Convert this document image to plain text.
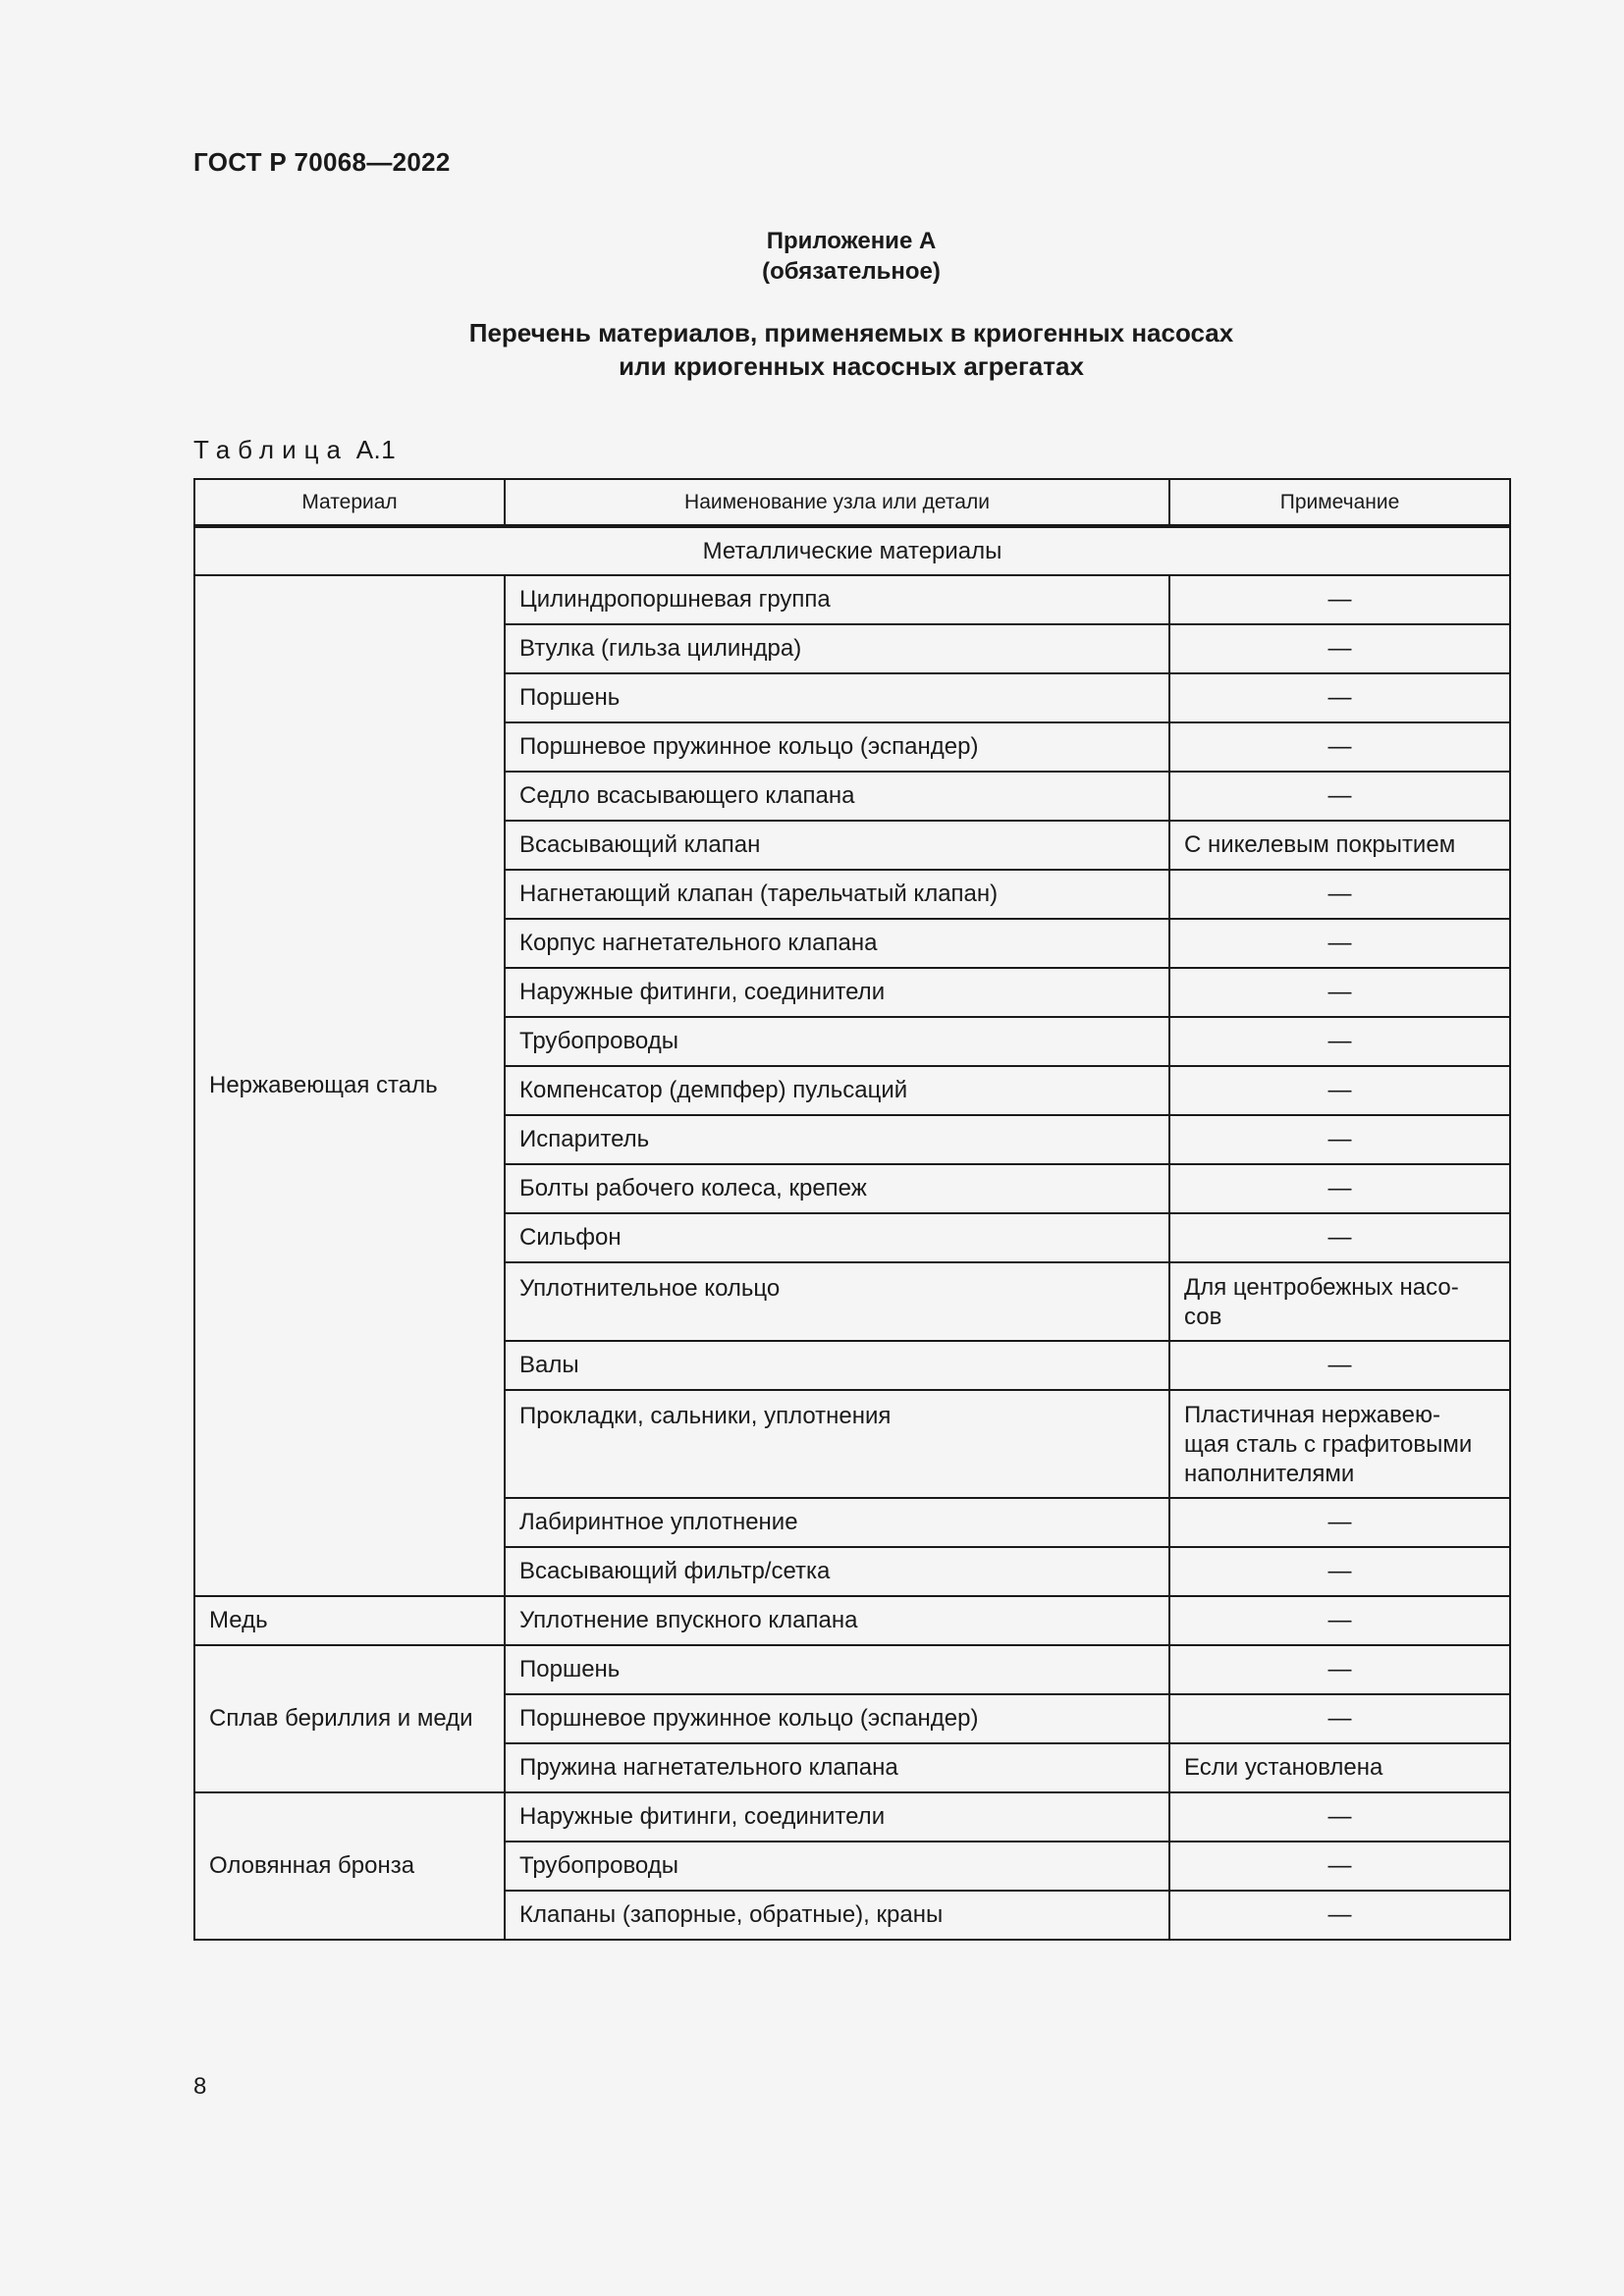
ГОСТ Р 70068—2022
Приложение А
(обязательное)
Перечень материалов, применяемых в криогенных насосах
или криогенных насосных агрегатах
Таблица А.1
Материал	Наименование узла или детали	Примечание
Металлические материалы		
Нержавеющая сталь	Цилиндропоршневая группа	—
	Втулка (гильза цилиндра)	—
	Поршень	—
	Поршневое пружинное кольцо (эспандер)	—
	Седло всасывающего клапана	—
	Всасывающий клапан	С никелевым покрытием
	Нагнетающий клапан (тарельчатый клапан)	—
	Корпус нагнетательного клапана	—
	Наружные фитинги, соединители	—
	Трубопроводы	—
	Компенсатор (демпфер) пульсаций	—
	Испаритель	—
	Болты рабочего колеса, крепеж	—
	Сильфон	—
	Уплотнительное кольцо	Для центробежных насо-
сов

	Валы	—
	Прокладки, сальники, уплотнения	Пластичная нержавею-
щая сталь с графитовыми
наполнителями

	Лабиринтное уплотнение	—
	Всасывающий фильтр/сетка	—
Медь	Уплотнение впускного клапана	—
Сплав бериллия и меди	Поршень	—
	Поршневое пружинное кольцо (эспандер)	—
	Пружина нагнетательного клапана	Если установлена
Оловянная бронза	Наружные фитинги, соединители	—
	Трубопроводы	—
	Клапаны (запорные, обратные), краны	—
8
